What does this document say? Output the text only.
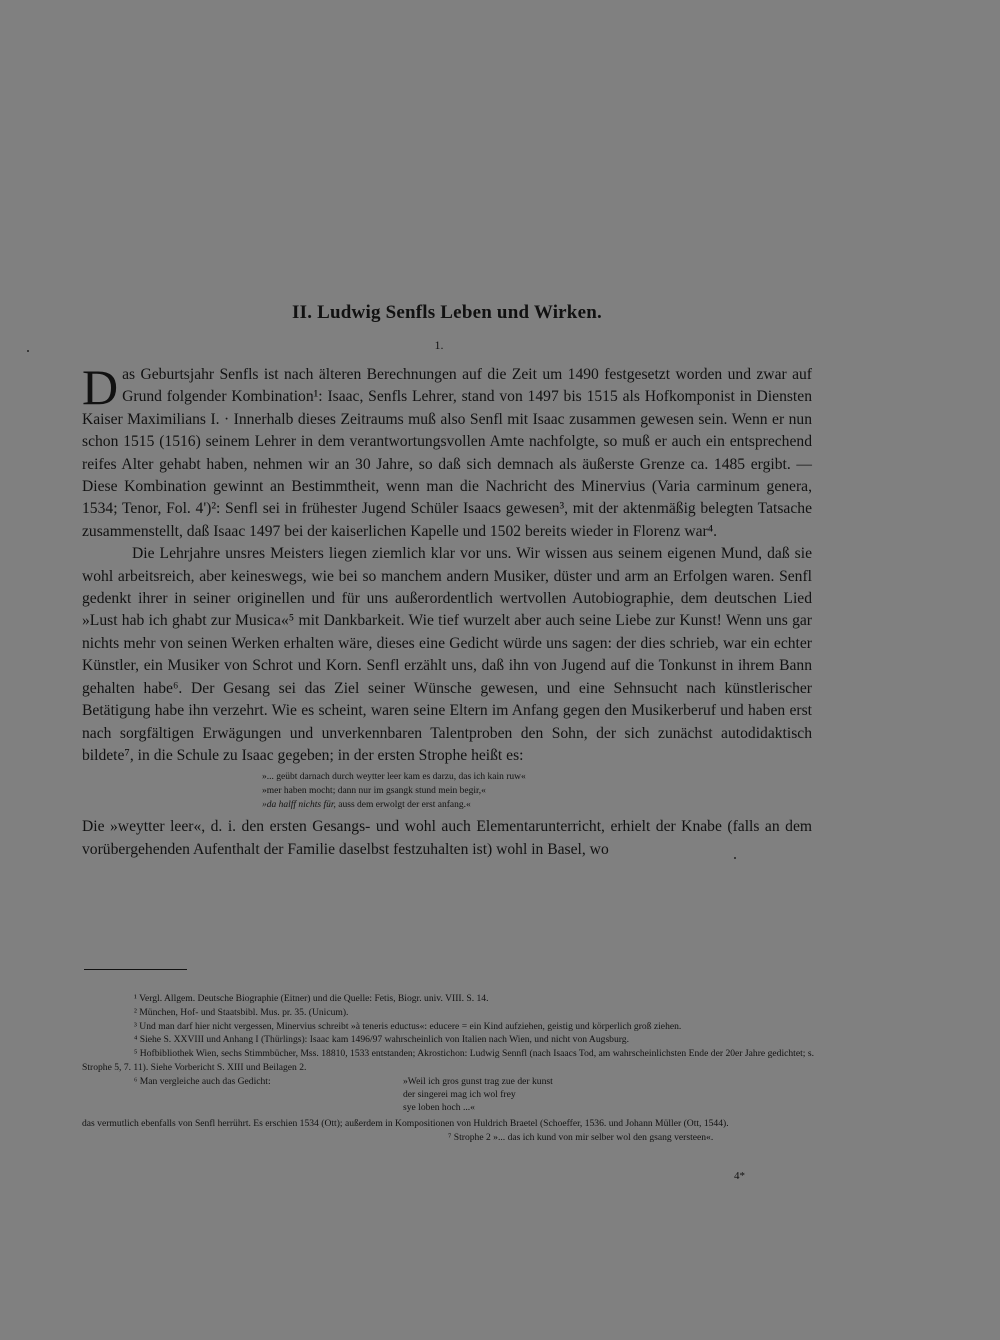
II. Ludwig Senfls Leben und Wirken.
1.

Das Geburtsjahr Senfls ist nach älteren Berechnungen auf die Zeit um 1490 festgesetzt worden und zwar auf Grund folgender Kombination¹: Isaac, Senfls Lehrer, stand von 1497 bis 1515 als Hofkomponist in Diensten Kaiser Maximilians I. · Innerhalb dieses Zeitraums muß also Senfl mit Isaac zusammen gewesen sein. Wenn er nun schon 1515 (1516) seinem Lehrer in dem verantwortungsvollen Amte nachfolgte, so muß er auch ein entsprechend reifes Alter gehabt haben, nehmen wir an 30 Jahre, so daß sich demnach als äußerste Grenze ca. 1485 ergibt. — Diese Kombination gewinnt an Bestimmtheit, wenn man die Nachricht des Minervius (Varia carminum genera, 1534; Tenor, Fol. 4')²: Senfl sei in frühester Jugend Schüler Isaacs gewesen³, mit der aktenmäßig belegten Tatsache zusammenstellt, daß Isaac 1497 bei der kaiserlichen Kapelle und 1502 bereits wieder in Florenz war⁴.

Die Lehrjahre unsres Meisters liegen ziemlich klar vor uns. Wir wissen aus seinem eigenen Mund, daß sie wohl arbeitsreich, aber keineswegs, wie bei so manchem andern Musiker, düster und arm an Erfolgen waren. Senfl gedenkt ihrer in seiner originellen und für uns außerordentlich wertvollen Autobiographie, dem deutschen Lied »Lust hab ich ghabt zur Musica«⁵ mit Dankbarkeit. Wie tief wurzelt aber auch seine Liebe zur Kunst! Wenn uns gar nichts mehr von seinen Werken erhalten wäre, dieses eine Gedicht würde uns sagen: der dies schrieb, war ein echter Künstler, ein Musiker von Schrot und Korn. Senfl erzählt uns, daß ihn von Jugend auf die Tonkunst in ihrem Bann gehalten habe⁶. Der Gesang sei das Ziel seiner Wünsche gewesen, und eine Sehnsucht nach künstlerischer Betätigung habe ihn verzehrt. Wie es scheint, waren seine Eltern im Anfang gegen den Musikerberuf und haben erst nach sorgfältigen Erwägungen und unverkennbaren Talentproben den Sohn, der sich zunächst autodidaktisch bildete⁷, in die Schule zu Isaac gegeben; in der ersten Strophe heißt es:

»... geübt darnach durch weytter leer kam es darzu, das ich kain ruw«
»mer haben mocht; dann nur im gsangk stund mein begir,«
»da halff nichts für, auss dem erwolgt der erst anfang.«

Die »weytter leer«, d. i. den ersten Gesangs- und wohl auch Elementarunterricht, erhielt der Knabe (falls an dem vorübergehenden Aufenthalt der Familie daselbst festzuhalten ist) wohl in Basel, wo

¹ Vergl. Allgem. Deutsche Biographie (Eitner) und die Quelle: Fetis, Biogr. univ. VIII. S. 14.
² München, Hof- und Staatsbibl. Mus. pr. 35. (Unicum).
³ Und man darf hier nicht vergessen, Minervius schreibt »à teneris eductus«: educere = ein Kind aufziehen, geistig und körperlich groß ziehen.
⁴ Siehe S. XXVIII und Anhang I (Thürlings): Isaac kam 1496/97 wahrscheinlich von Italien nach Wien, und nicht von Augsburg.
⁵ Hofbibliothek Wien, sechs Stimmbücher, Mss. 18810, 1533 entstanden; Akrostichon: Ludwig Sennfl (nach Isaacs Tod, am wahrscheinlichsten Ende der 20er Jahre gedichtet; s. Strophe 5, 7. 11). Siehe Vorbericht S. XIII und Beilagen 2.
⁶ Man vergleiche auch das Gedicht:	»Weil ich gros gunst trag zue der kunst
der singerei mag ich wol frey
sye loben hoch ...«
das vermutlich ebenfalls von Senfl herrührt. Es erschien 1534 (Ott); außerdem in Kompositionen von Huldrich Braetel (Schoeffer, 1536. und Johann Müller (Ott, 1544).
⁷ Strophe 2 »... das ich kund von mir selber wol den gsang versteen«.
4*
